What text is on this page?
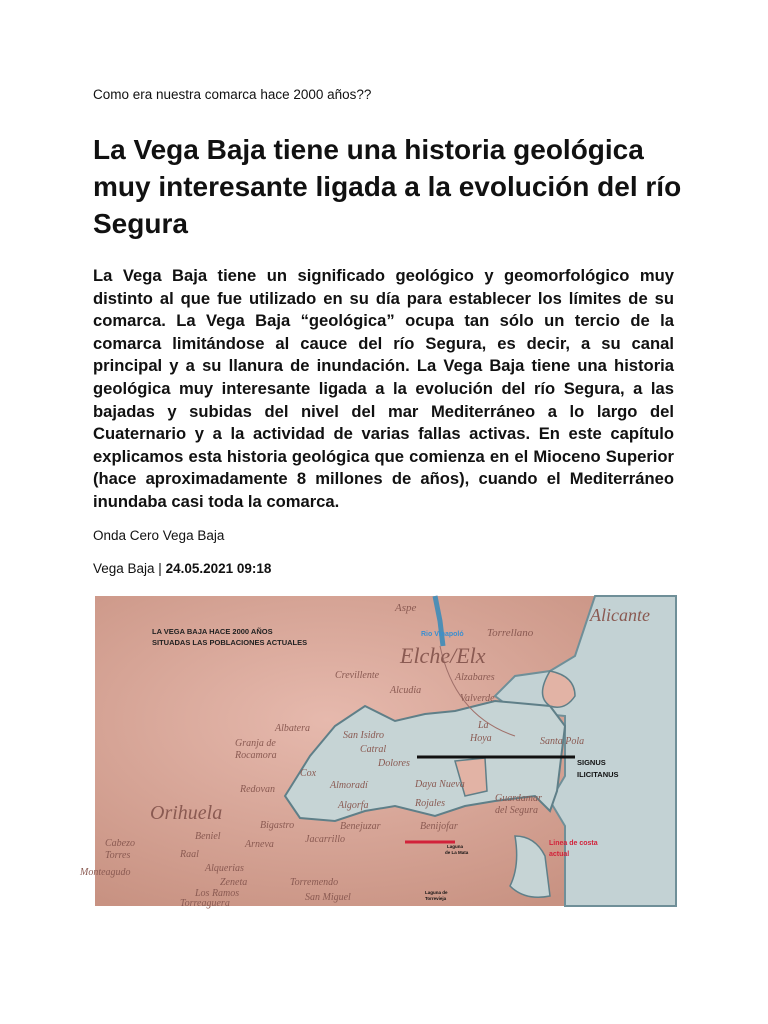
Como era nuestra comarca hace 2000 años??
La Vega Baja tiene una historia geológica muy interesante ligada a la evolución del río Segura

La Vega Baja tiene un significado geológico y geomorfológico muy distinto al que fue utilizado en su día para establecer los límites de su comarca. La Vega Baja “geológica” ocupa tan sólo un tercio de la comarca limitándose al cauce del río Segura, es decir, a su canal principal y a su llanura de inundación. La Vega Baja tiene una historia geológica muy interesante ligada a la evolución del río Segura, a las bajadas y subidas del nivel del mar Mediterráneo a lo largo del Cuaternario y a la actividad de varias fallas activas. En este capítulo explicamos esta historia geológica que comienza en el Mioceno Superior (hace aproximadamente 8 millones de años), cuando el Mediterráneo inundaba casi toda la comarca.

Onda Cero Vega Baja
Vega Baja | 24.05.2021 09:18
LA VEGA BAJA HACE 2000 AÑOS
SITUADAS LAS POBLACIONES ACTUALES
Rio Vinapoló
SIGNUS
ILICITANUS
Linea de costa
actual
Laguna
de La Mata
Laguna de
Torrevieja
Aspe	Alicante
Torrellano
Elche/Elx
Crevillente	Alzabares
Alcudia
Valverde
Albatera
Granja de
Rocamora
San Isidro
Catral
Dolores
La
Hoya	Santa Pola
Cox
Redovan	Almoradí	Daya Nueva
Orihuela	Algorfa	Rojales	Guardamar
del Segura
Bigastro	Benejuzar	Benijofar
Jacarrillo
Beniel
Arneva
Cabezo
Torres	Raal
Alquerias
Zeneta	Torremendo
Monteagudo
Los Ramos
Torreaguera
San Miguel
